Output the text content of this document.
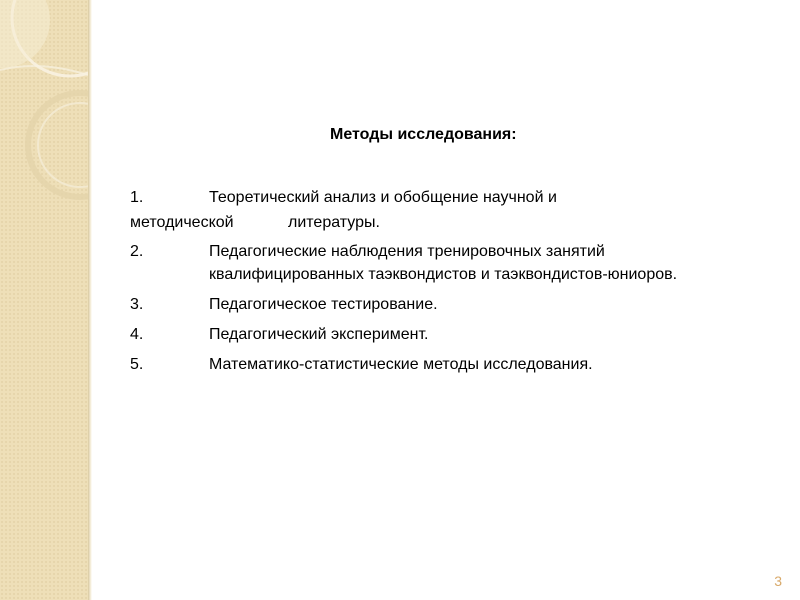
Методы исследования:
1.	Теоретический анализ и обобщение научной и
методической	литературы.
2.	Педагогические наблюдения тренировочных занятий квалифицированных таэквондистов и таэквондистов-юниоров.
3.	Педагогическое тестирование.
4.	Педагогический эксперимент.
5.	Математико-статистические методы исследования.
3
